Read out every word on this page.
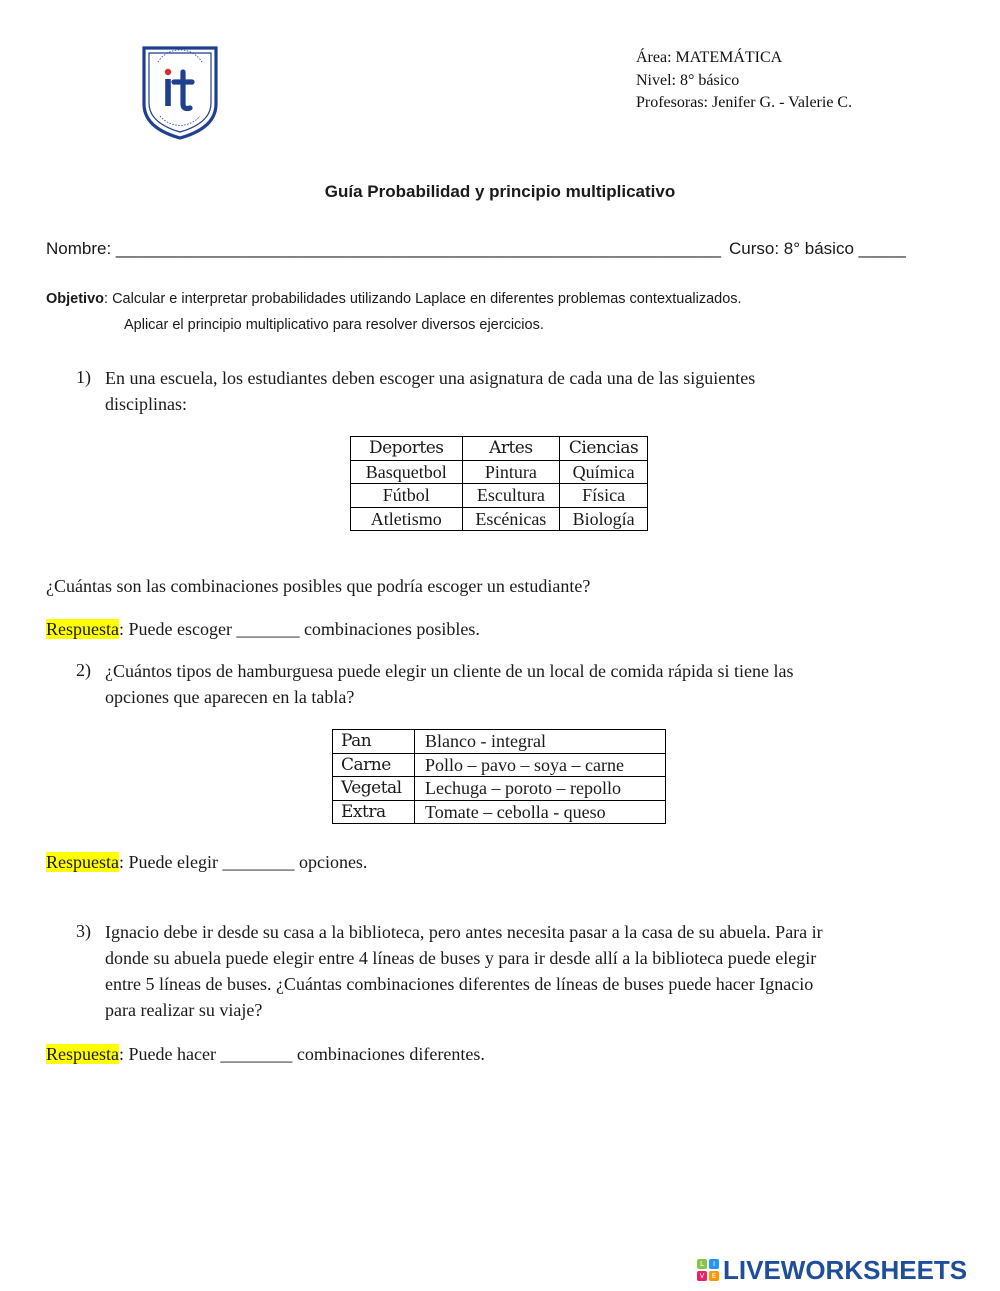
Área: MATEMÁTICA
Nivel: 8° básico
Profesoras: Jenifer G. - Valerie C.
Guía Probabilidad y principio multiplicativo
Nombre: ________________________________________________________________ Curso: 8° básico _____
Objetivo: Calcular e interpretar probabilidades utilizando Laplace en diferentes problemas contextualizados.
Aplicar el principio multiplicativo para resolver diversos ejercicios.
1) En una escuela, los estudiantes deben escoger una asignatura de cada una de las siguientes
disciplinas:
Deportes	Artes	Ciencias
Basquetbol	Pintura	Química
Fútbol	Escultura	Física
Atletismo	Escénicas	Biología
¿Cuántas son las combinaciones posibles que podría escoger un estudiante?
Respuesta: Puede escoger _______ combinaciones posibles.
2) ¿Cuántos tipos de hamburguesa puede elegir un cliente de un local de comida rápida si tiene las
opciones que aparecen en la tabla?
Pan	Blanco - integral
Carne	Pollo – pavo – soya – carne
Vegetal	Lechuga – poroto – repollo
Extra	Tomate – cebolla - queso
Respuesta: Puede elegir ________ opciones.
3) Ignacio debe ir desde su casa a la biblioteca, pero antes necesita pasar a la casa de su abuela. Para ir
donde su abuela puede elegir entre 4 líneas de buses y para ir desde allí a la biblioteca puede elegir
entre 5 líneas de buses. ¿Cuántas combinaciones diferentes de líneas de buses puede hacer Ignacio
para realizar su viaje?
Respuesta: Puede hacer ________ combinaciones diferentes.
L	I
V	E LIVEWORKSHEETS
